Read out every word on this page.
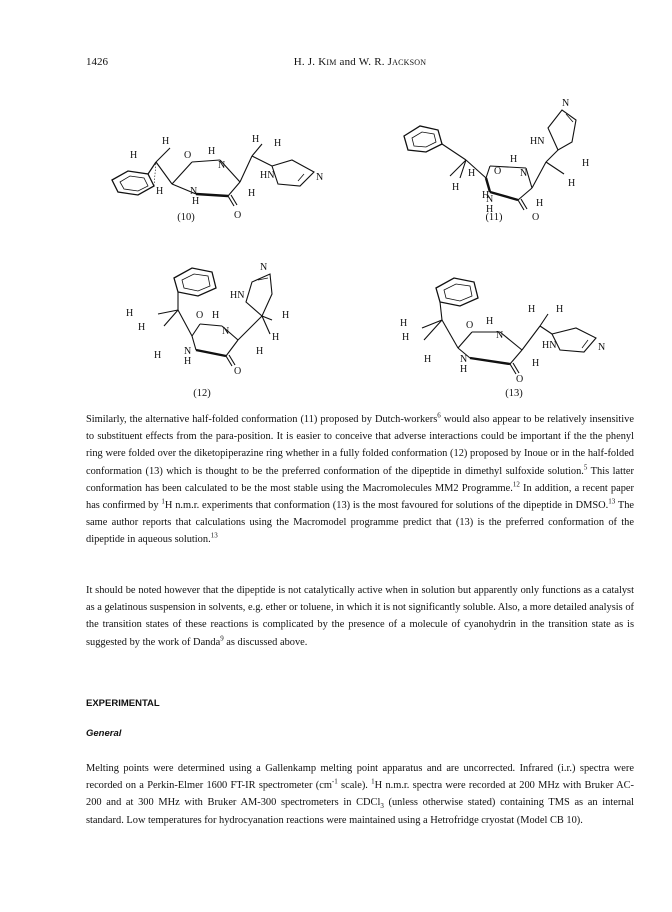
1426	H. J. Kim and W. R. Jackson
H
H
H
O H
N
N
H
H
O
H H
HN	N
(10)
O
H
H
H
N
H
N
H
H
O
H
H
HN
N
(11)
H
H
O H
N
H N
H
H
O
H
H
HN
N
(12)
H
H
O H
N
H	N
H
H
O
H H
HN	N
(13)

Similarly, the alternative half-folded conformation (11) proposed by Dutch-workers$^6$ would also appear to be relatively insensitive to substituent effects from the para-position. It is easier to conceive that adverse interactions could be important if the the phenyl ring were folded over the diketopiperazine ring whether in a fully folded conformation (12) proposed by Inoue or in the half-folded conformation (13) which is thought to be the preferred conformation of the dipeptide in dimethyl sulfoxide solution.$^5$ This latter conformation has been calculated to be the most stable using the Macromolecules MM2 Programme.$^{12}$ In addition, a recent paper has confirmed by $^1$H n.m.r. experiments that conformation (13) is the most favoured for solutions of the dipeptide in DMSO.$^{13}$ The same author reports that calculations using the Macromodel programme predict that (13) is the preferred conformation of the dipeptide in aqueous solution.$^{13}$

It should be noted however that the dipeptide is not catalytically active when in solution but apparently only functions as a catalyst as a gelatinous suspension in solvents, e.g. ether or toluene, in which it is not significantly soluble. Also, a more detailed analysis of the transition states of these reactions is complicated by the presence of a molecule of cyanohydrin in the transition state as is suggested by the work of Danda$^9$ as discussed above.

EXPERIMENTAL
General

Melting points were determined using a Gallenkamp melting point apparatus and are uncorrected. Infrared (i.r.) spectra were recorded on a Perkin-Elmer 1600 FT-IR spectrometer ($cm^{-1}$ scale). $^1$H n.m.r. spectra were recorded at 200 MHz with Bruker AC-200 and at 300 MHz with Bruker AM-300 spectrometers in CDCl$_3$ (unless otherwise stated) containing TMS as an internal standard. Low temperatures for hydrocyanation reactions were maintained using a Hetrofridge cryostat (Model CB 10).
